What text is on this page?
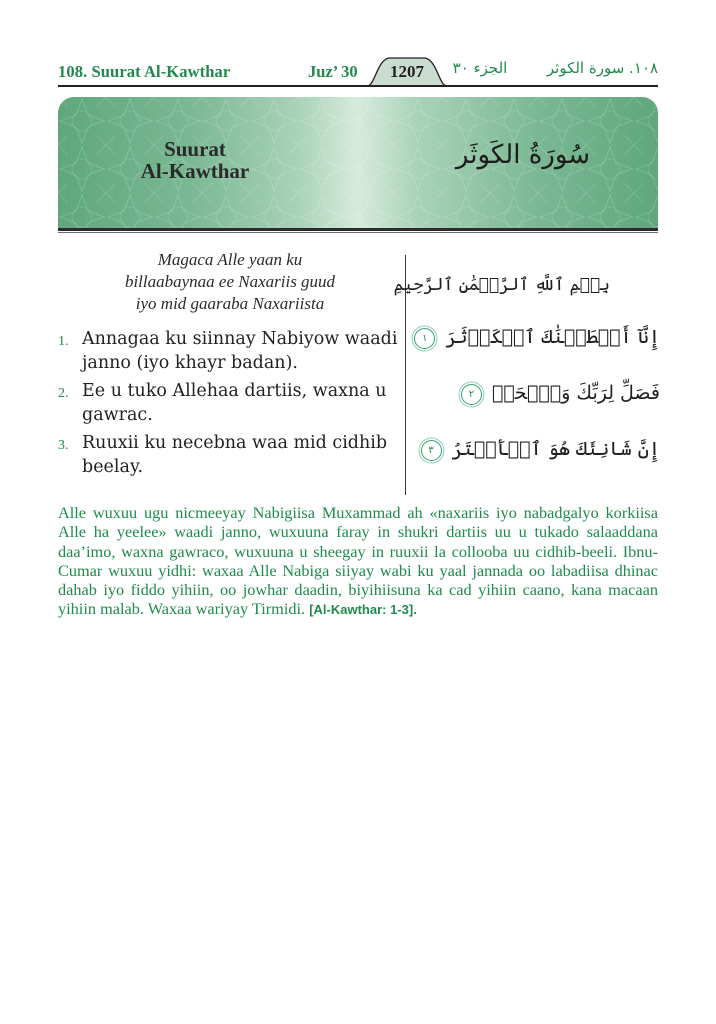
108. Suurat Al-Kawthar	Juz’ 30	1207	الجزء ٣٠	١٠٨. سورة الكوثر
Suurat
Al-Kawthar
سُورَةُ الكَوثَر
Magaca Alle yaan ku
billaabaynaa ee Naxariis guud
iyo mid gaaraba Naxariista
1. Annagaa ku siinnay Nabiyow waadi janno (iyo khayr badan).
2. Ee u tuko Allehaa dartiis, waxna u gawrac.
3. Ruuxii ku necebna waa mid cidhib beelay.
بِسۡمِ ٱللَّهِ ٱلرَّحۡمَٰنِ ٱلرَّحِيمِ
إِنَّآ أَعۡطَيۡنَٰكَ ٱلۡكَوۡثَرَ ١
فَصَلِّ لِرَبِّكَ وَٱنۡحَرۡ ٢
إِنَّ شَانِئَكَ هُوَ ٱلۡأَبۡتَرُ ٣

Alle wuxuu ugu nicmeeyay Nabigiisa Muxammad ah «naxariis iyo nabadgalyo korkiisa Alle ha yeelee» waadi janno, wuxuuna faray in shukri dartiis uu u tukado salaaddana daa’imo, waxna gawraco, wuxuuna u sheegay in ruuxii la collooba uu cidhib-beeli. Ibnu-Cumar wuxuu yidhi: waxaa Alle Nabiga siiyay wabi ku yaal jannada oo labadiisa dhinac dahab iyo fiddo yihiin, oo jowhar daadin, biyihiisuna ka cad yihiin caano, kana macaan yihiin malab. Waxaa wariyay Tirmidi. [Al-Kawthar: 1-3].
